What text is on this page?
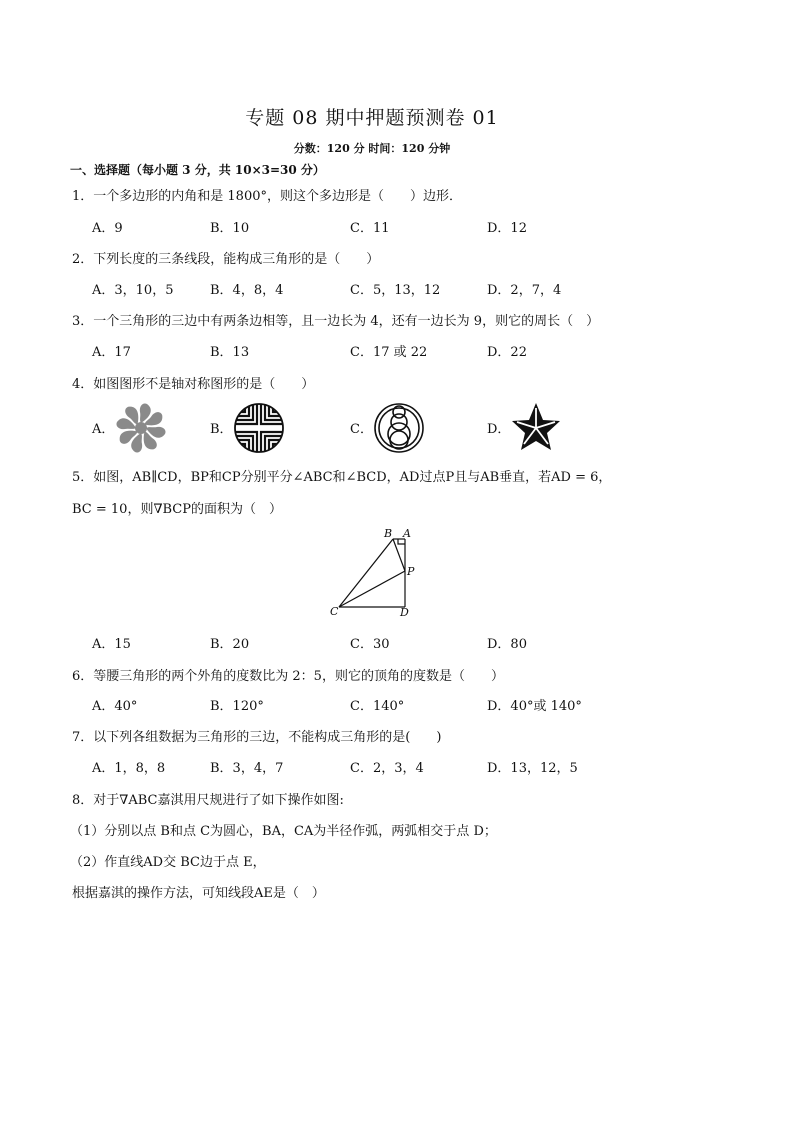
专题 08 期中押题预测卷 01
分数：120 分 时间：120 分钟
一、选择题（每小题 3 分，共 10×3=30 分）
1．一个多边形的内角和是 1800°，则这个多边形是（　　）边形．
A．9	B．10	C．11	D．12
2．下列长度的三条线段，能构成三角形的是（　　）
A．3，10，5	B．4，8，4	C．5，13，12	D．2，7，4
3．一个三角形的三边中有两条边相等，且一边长为 4，还有一边长为 9，则它的周长（　）
A．17	B．13	C．17 或 22	D．22
4．如图图形不是轴对称图形的是（　　）
A．	B．	C．	D．
5．如图，AB∥CD，BP和CP分别平分∠ABC和∠BCD，AD过点P且与AB垂直，若AD = 6，
BC = 10，则∇BCP的面积为（　）
B A
P
C	D
A．15	B．20	C．30	D．80
6．等腰三角形的两个外角的度数比为 2：5，则它的顶角的度数是（　　）
A．40°	B．120°	C．140°	D．40°或 140°
7．以下列各组数据为三角形的三边，不能构成三角形的是(　　)
A．1，8，8	B．3，4，7	C．2，3，4	D．13，12，5
8．对于∇ABC嘉淇用尺规进行了如下操作如图:
（1）分别以点 B和点 C为圆心，BA，CA为半径作弧，两弧相交于点 D；
（2）作直线AD交 BC边于点 E，
根据嘉淇的操作方法，可知线段AE是（　）
